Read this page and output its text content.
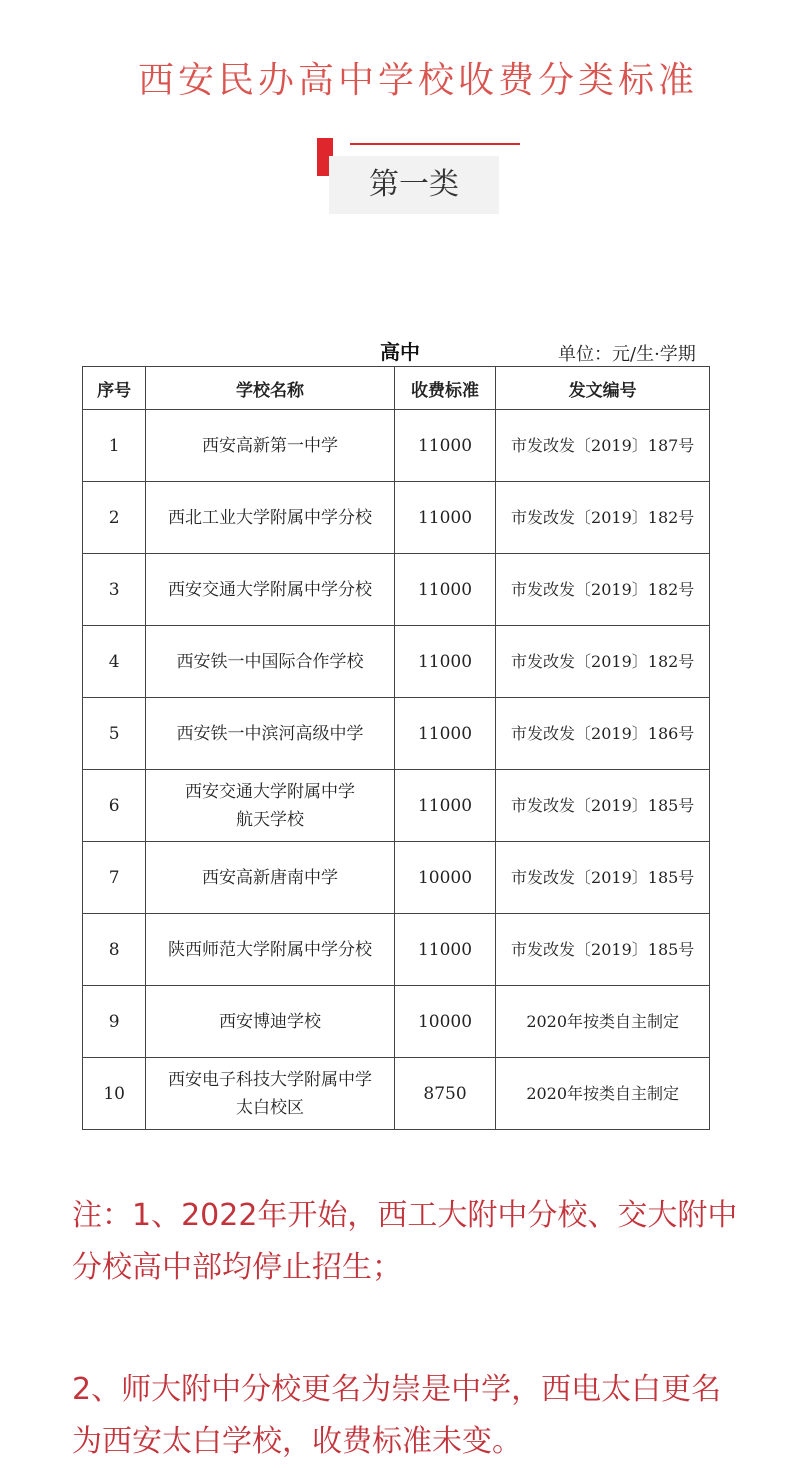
西安民办高中学校收费分类标准
第一类
高中	单位：元/生·学期
序号	学校名称	收费标准	发文编号
1	西安高新第一中学	11000	市发改发〔2019〕187号
2	西北工业大学附属中学分校	11000	市发改发〔2019〕182号
3	西安交通大学附属中学分校	11000	市发改发〔2019〕182号
4	西安铁一中国际合作学校	11000	市发改发〔2019〕182号
5	西安铁一中滨河高级中学	11000	市发改发〔2019〕186号
6	西安交通大学附属中学
航天学校	11000	市发改发〔2019〕185号
7	西安高新唐南中学	10000	市发改发〔2019〕185号
8	陕西师范大学附属中学分校	11000	市发改发〔2019〕185号
9	西安博迪学校	10000	2020年按类自主制定
10	西安电子科技大学附属中学
太白校区	8750	2020年按类自主制定

注：1、2022年开始，西工大附中分校、交大附中分校高中部均停止招生；

2、师大附中分校更名为崇是中学，西电太白更名为西安太白学校，收费标准未变。
